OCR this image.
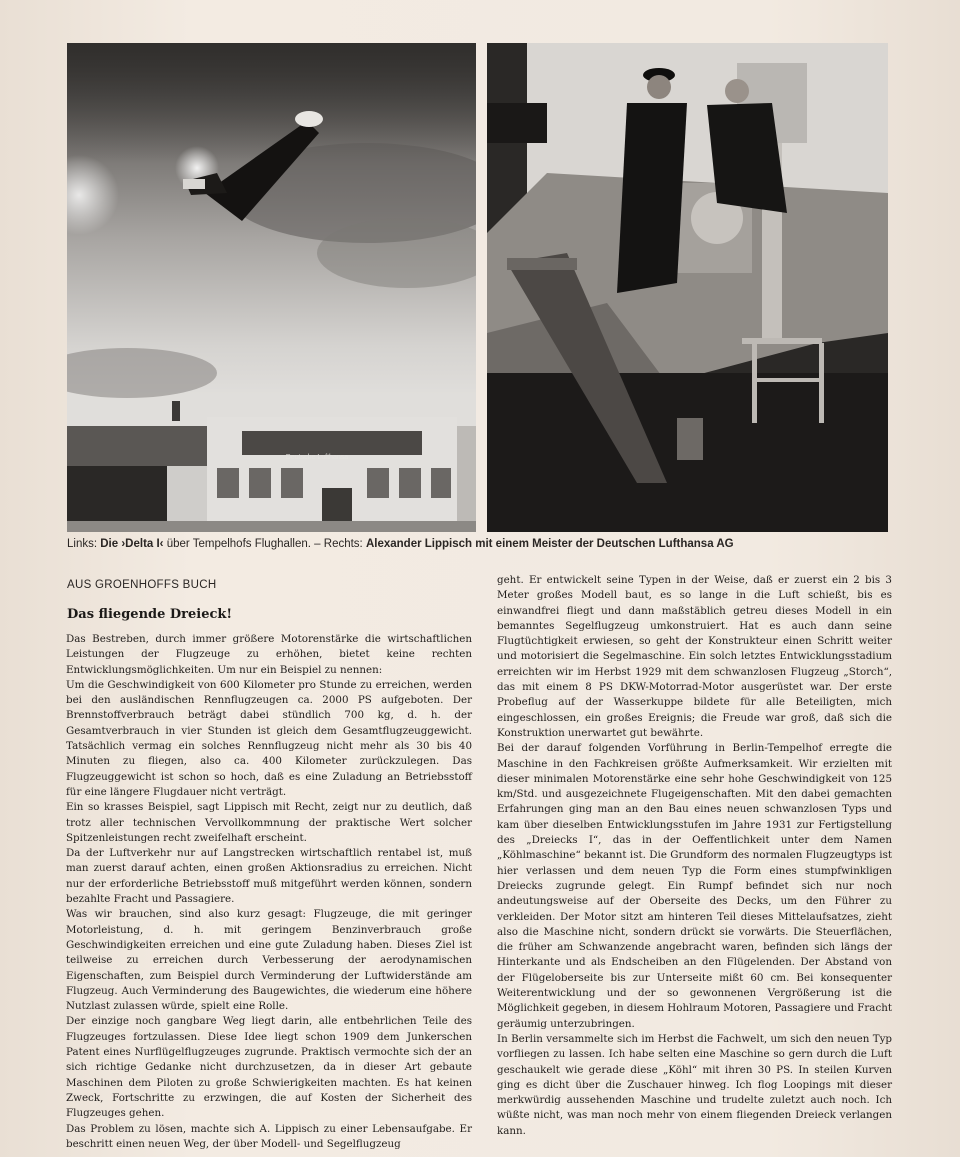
Deutsche Lufthansa
Links: Die ›Delta I‹ über Tempelhofs Flughallen. – Rechts: Alexander Lippisch mit einem Meister der Deutschen Lufthansa AG
AUS GROENHOFFS BUCH
Das fliegende Dreieck!

Das Bestreben, durch immer größere Motorenstärke die wirtschaftlichen Leistungen der Flugzeuge zu erhöhen, bietet keine rechten Entwicklungsmöglichkeiten. Um nur ein Beispiel zu nennen:

Um die Geschwindigkeit von 600 Kilometer pro Stunde zu erreichen, werden bei den ausländischen Rennflugzeugen ca. 2000 PS aufgeboten. Der Brennstoffverbrauch beträgt dabei stündlich 700 kg, d. h. der Gesamtverbrauch in vier Stunden ist gleich dem Gesamtflugzeuggewicht. Tatsächlich vermag ein solches Rennflugzeug nicht mehr als 30 bis 40 Minuten zu fliegen, also ca. 400 Kilometer zurückzulegen. Das Flugzeuggewicht ist schon so hoch, daß es eine Zuladung an Betriebsstoff für eine längere Flugdauer nicht verträgt.

Ein so krasses Beispiel, sagt Lippisch mit Recht, zeigt nur zu deutlich, daß trotz aller technischen Vervollkommnung der praktische Wert solcher Spitzenleistungen recht zweifelhaft erscheint.

Da der Luftverkehr nur auf Langstrecken wirtschaftlich rentabel ist, muß man zuerst darauf achten, einen großen Aktionsradius zu erreichen. Nicht nur der erforderliche Betriebsstoff muß mitgeführt werden können, sondern bezahlte Fracht und Passagiere.

Was wir brauchen, sind also kurz gesagt: Flugzeuge, die mit geringer Motorleistung, d. h. mit geringem Benzinverbrauch große Geschwindigkeiten erreichen und eine gute Zuladung haben. Dieses Ziel ist teilweise zu erreichen durch Verbesserung der aerodynamischen Eigenschaften, zum Beispiel durch Verminderung der Luftwiderstände am Flugzeug. Auch Verminderung des Baugewichtes, die wiederum eine höhere Nutzlast zulassen würde, spielt eine Rolle.

Der einzige noch gangbare Weg liegt darin, alle entbehrlichen Teile des Flugzeuges fortzulassen. Diese Idee liegt schon 1909 dem Junkerschen Patent eines Nurflügelflugzeuges zugrunde. Praktisch vermochte sich der an sich richtige Gedanke nicht durchzusetzen, da in dieser Art gebaute Maschinen dem Piloten zu große Schwierigkeiten machten. Es hat keinen Zweck, Fortschritte zu erzwingen, die auf Kosten der Sicherheit des Flugzeuges gehen.

Das Problem zu lösen, machte sich A. Lippisch zu einer Lebensaufgabe. Er beschritt einen neuen Weg, der über Modell- und Segelflugzeug

geht. Er entwickelt seine Typen in der Weise, daß er zuerst ein 2 bis 3 Meter großes Modell baut, es so lange in die Luft schießt, bis es einwandfrei fliegt und dann maßstäblich getreu dieses Modell in ein bemanntes Segelflugzeug umkonstruiert. Hat es auch dann seine Flugtüchtigkeit erwiesen, so geht der Konstrukteur einen Schritt weiter und motorisiert die Segelmaschine. Ein solch letztes Entwicklungsstadium erreichten wir im Herbst 1929 mit dem schwanzlosen Flugzeug „Storch“, das mit einem 8 PS DKW-Motorrad-Motor ausgerüstet war. Der erste Probeflug auf der Wasserkuppe bildete für alle Beteiligten, mich eingeschlossen, ein großes Ereignis; die Freude war groß, daß sich die Konstruktion unerwartet gut bewährte.

Bei der darauf folgenden Vorführung in Berlin-Tempelhof erregte die Maschine in den Fachkreisen größte Aufmerksamkeit. Wir erzielten mit dieser minimalen Motorenstärke eine sehr hohe Geschwindigkeit von 125 km/Std. und ausgezeichnete Flugeigenschaften. Mit den dabei gemachten Erfahrungen ging man an den Bau eines neuen schwanzlosen Typs und kam über dieselben Entwicklungsstufen im Jahre 1931 zur Fertigstellung des „Dreiecks I“, das in der Oeffentlichkeit unter dem Namen „Köhlmaschine“ bekannt ist. Die Grundform des normalen Flugzeugtyps ist hier verlassen und dem neuen Typ die Form eines stumpfwinkligen Dreiecks zugrunde gelegt. Ein Rumpf befindet sich nur noch andeutungsweise auf der Oberseite des Decks, um den Führer zu verkleiden. Der Motor sitzt am hinteren Teil dieses Mittelaufsatzes, zieht also die Maschine nicht, sondern drückt sie vorwärts. Die Steuerflächen, die früher am Schwanzende angebracht waren, befinden sich längs der Hinterkante und als Endscheiben an den Flügelenden. Der Abstand von der Flügeloberseite bis zur Unterseite mißt 60 cm. Bei konsequenter Weiterentwicklung und der so gewonnenen Vergrößerung ist die Möglichkeit gegeben, in diesem Hohlraum Motoren, Passagiere und Fracht geräumig unterzubringen.

In Berlin versammelte sich im Herbst die Fachwelt, um sich den neuen Typ vorfliegen zu lassen. Ich habe selten eine Maschine so gern durch die Luft geschaukelt wie gerade diese „Köhl“ mit ihren 30 PS. In steilen Kurven ging es dicht über die Zuschauer hinweg. Ich flog Loopings mit dieser merkwürdig aussehenden Maschine und trudelte zuletzt auch noch. Ich wüßte nicht, was man noch mehr von einem fliegenden Dreieck verlangen kann.
